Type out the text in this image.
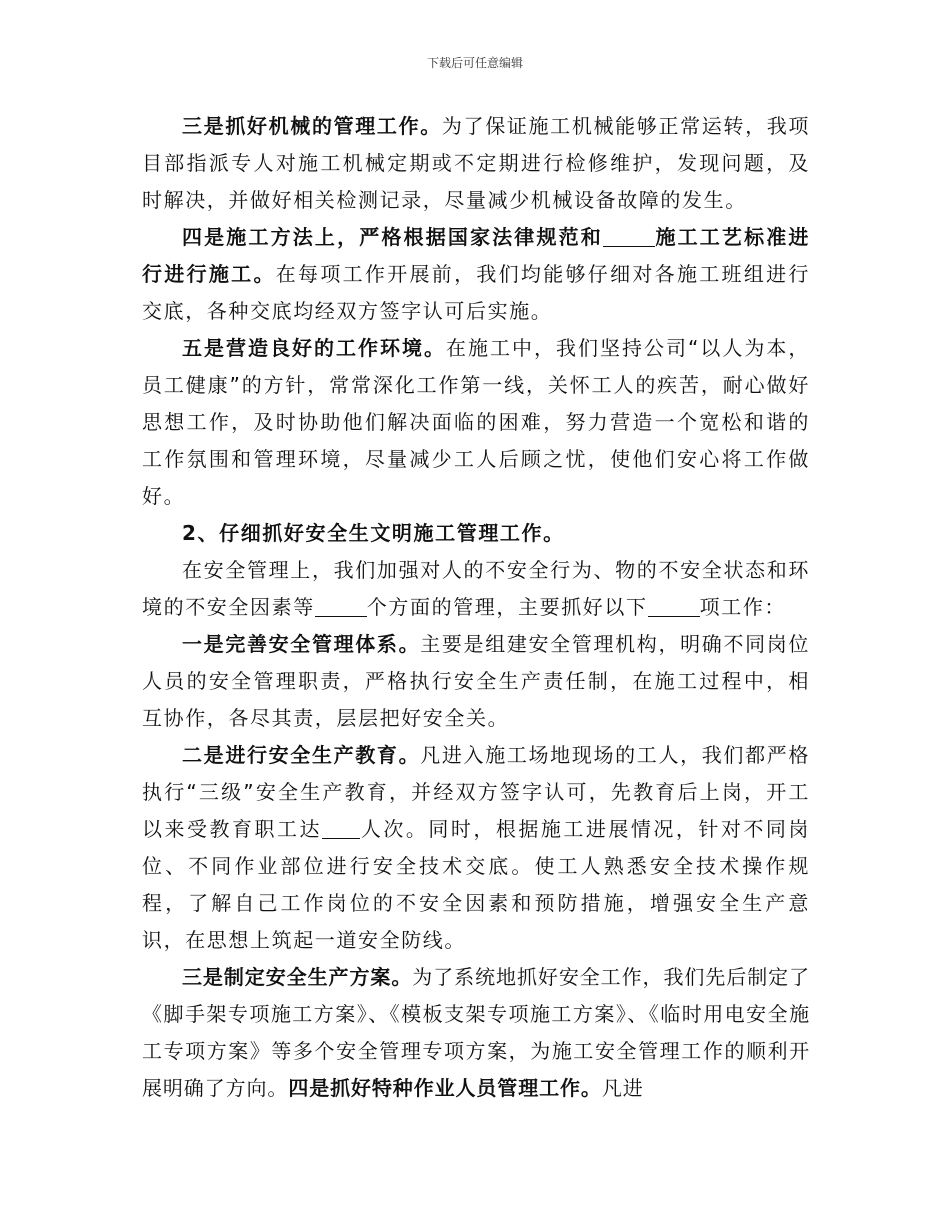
下载后可任意编辑

三是抓好机械的管理工作。为了保证施工机械能够正常运转，我项目部指派专人对施工机械定期或不定期进行检修维护，发现问题，及时解决，并做好相关检测记录，尽量减少机械设备故障的发生。

四是施工方法上，严格根据国家法律规范和	施工工艺标准进行进行施工。在每项工作开展前，我们均能够仔细对各施工班组进行交底，各种交底均经双方签字认可后实施。

五是营造良好的工作环境。在施工中，我们坚持公司“以人为本，员工健康”的方针，常常深化工作第一线，关怀工人的疾苦，耐心做好思想工作，及时协助他们解决面临的困难，努力营造一个宽松和谐的工作氛围和管理环境，尽量减少工人后顾之忧，使他们安心将工作做好。

2、仔细抓好安全生文明施工管理工作。

在安全管理上，我们加强对人的不安全行为、物的不安全状态和环境的不安全因素等	个方面的管理，主要抓好以下	项工作：

一是完善安全管理体系。主要是组建安全管理机构，明确不同岗位人员的安全管理职责，严格执行安全生产责任制，在施工过程中，相互协作，各尽其责，层层把好安全关。

二是进行安全生产教育。凡进入施工场地现场的工人，我们都严格执行“三级”安全生产教育，并经双方签字认可，先教育后上岗，开工以来受教育职工达 人次。同时，根据施工进展情况，针对不同岗位、不同作业部位进行安全技术交底。使工人熟悉安全技术操作规程，了解自己工作岗位的不安全因素和预防措施，增强安全生产意识，在思想上筑起一道安全防线。

三是制定安全生产方案。为了系统地抓好安全工作，我们先后制定了《脚手架专项施工方案》、《模板支架专项施工方案》、《临时用电安全施工专项方案》等多个安全管理专项方案，为施工安全管理工作的顺利开展明确了方向。四是抓好特种作业人员管理工作。凡进
